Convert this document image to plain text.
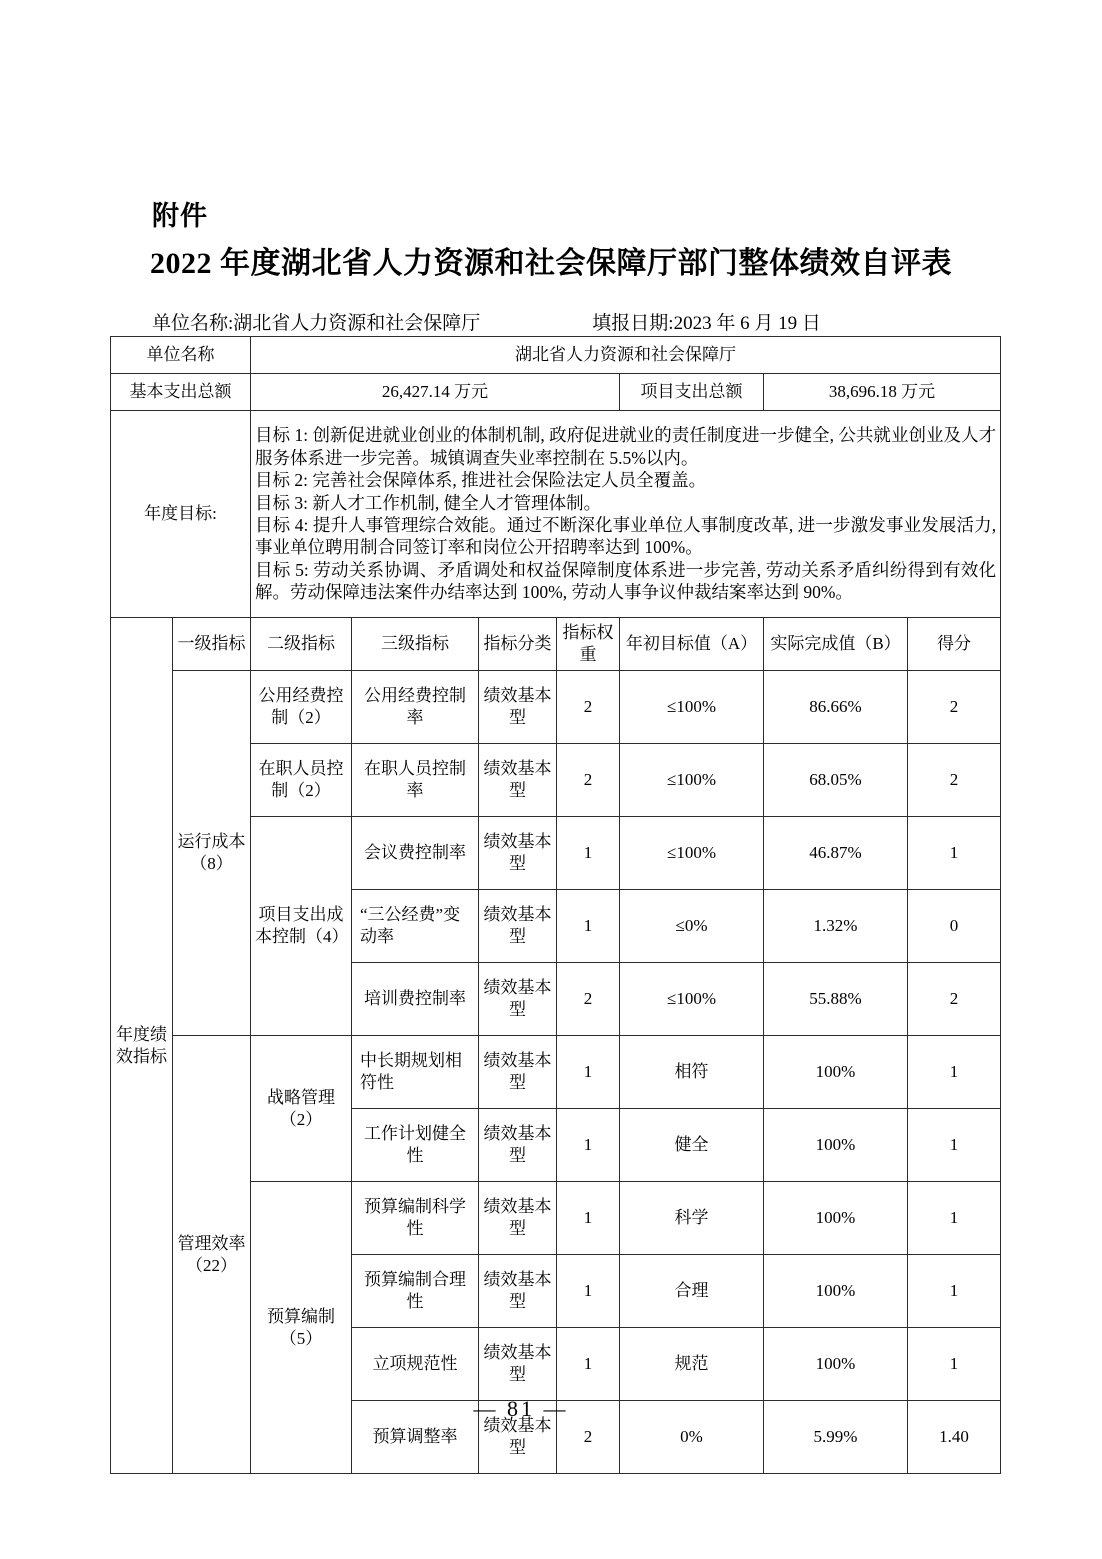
附件
2022 年度湖北省人力资源和社会保障厅部门整体绩效自评表
单位名称:湖北省人力资源和社会保障厅	填报日期:2023 年 6 月 19 日
单位名称		湖北省人力资源和社会保障厅						
基本支出总额		26,427.14 万元				项目支出总额	38,696.18 万元	
年度目标:		目标 1: 创新促进就业创业的体制机制, 政府促进就业的责任制度进一步健全, 公共就业创业及人才服务体系进一步完善。城镇调查失业率控制在 5.5%以内。

目标 2: 完善社会保障体系, 推进社会保险法定人员全覆盖。

目标 3: 新人才工作机制, 健全人才管理体制。

目标 4: 提升人事管理综合效能。通过不断深化事业单位人事制度改革, 进一步激发事业发展活力, 事业单位聘用制合同签订率和岗位公开招聘率达到 100%。

目标 5: 劳动关系协调、矛盾调处和权益保障制度体系进一步完善, 劳动关系矛盾纠纷得到有效化解。劳动保障违法案件办结率达到 100%, 劳动人事争议仲裁结案率达到 90%。						

年度绩效指标	一级指标	二级指标	三级指标	指标分类	指标权重	年初目标值（A）	实际完成值（B）	得分
	运行成本（8）	公用经费控制（2）	公用经费控制率	绩效基本型	2	≤100%	86.66%	2
		在职人员控制（2）	在职人员控制率	绩效基本型	2	≤100%	68.05%	2
		项目支出成本控制（4）	会议费控制率	绩效基本型	1	≤100%	46.87%	1
			“三公经费”变动率	绩效基本型	1	≤0%	1.32%	0
			培训费控制率	绩效基本型	2	≤100%	55.88%	2
	管理效率（22）	战略管理（2）	中长期规划相符性	绩效基本型	1	相符	100%	1
			工作计划健全性	绩效基本型	1	健全	100%	1
		预算编制（5）	预算编制科学性	绩效基本型	1	科学	100%	1
			预算编制合理性	绩效基本型	1	合理	100%	1
			立项规范性	绩效基本型	1	规范	100%	1
			预算调整率	绩效基本型	2	0%	5.99%	1.40
— 81 —
